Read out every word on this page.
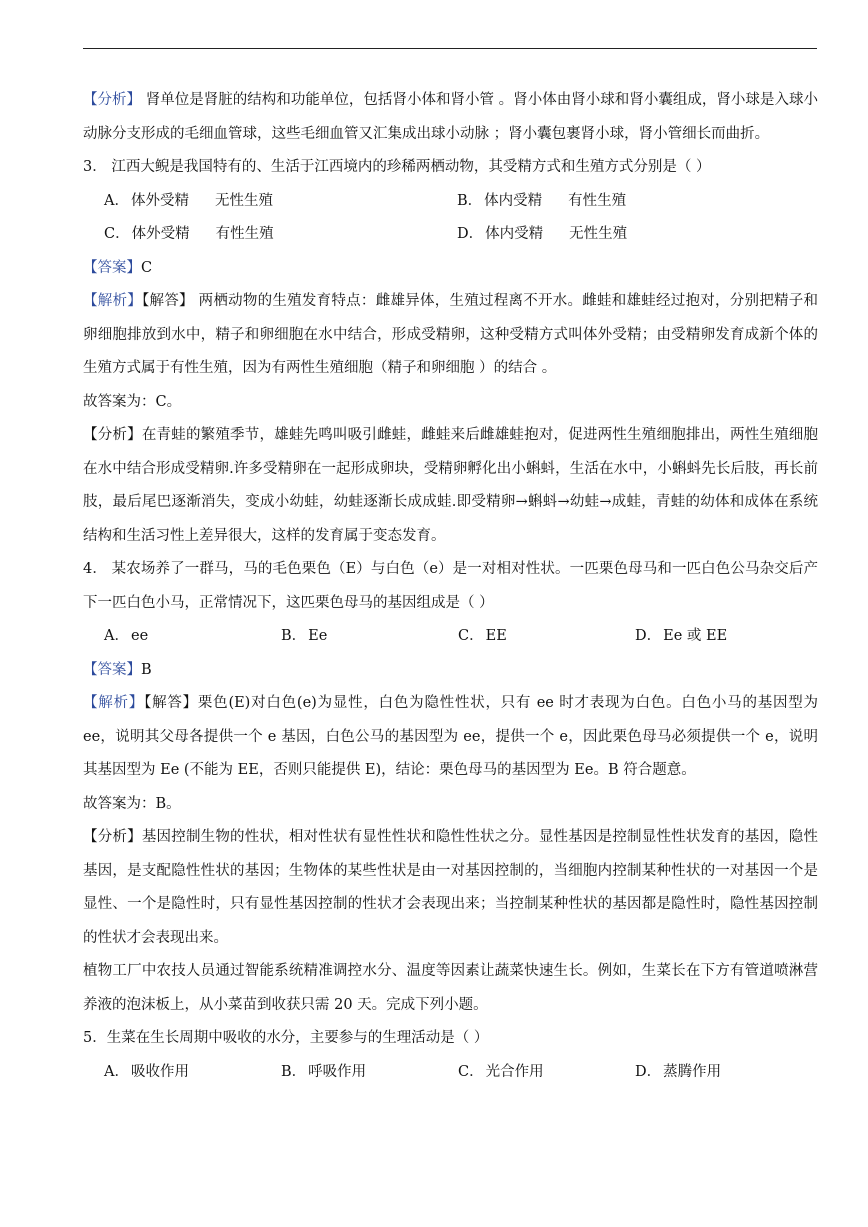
【分析】 肾单位是肾脏的结构和功能单位，包括肾小体和肾小管 。肾小体由肾小球和肾小囊组成，肾小球是入球小动脉分支形成的毛细血管球，这些毛细血管又汇集成出球小动脉 ；肾小囊包裹肾小球，肾小管细长而曲折。

3． 江西大鲵是我国特有的、生活于江西境内的珍稀两栖动物，其受精方式和生殖方式分别是（ ）

A． 体外受精 无性生殖	B． 体内受精 有性生殖
C． 体外受精 有性生殖	D． 体内受精 无性生殖

【答案】C

【解析】【解答】 两栖动物的生殖发育特点：雌雄异体，生殖过程离不开水。雌蛙和雄蛙经过抱对，分别把精子和卵细胞排放到水中，精子和卵细胞在水中结合，形成受精卵，这种受精方式叫体外受精；由受精卵发育成新个体的生殖方式属于有性生殖，因为有两性生殖细胞（精子和卵细胞 ）的结合 。

故答案为：C。

【分析】在青蛙的繁殖季节，雄蛙先鸣叫吸引雌蛙，雌蛙来后雌雄蛙抱对，促进两性生殖细胞排出，两性生殖细胞在水中结合形成受精卵.许多受精卵在一起形成卵块，受精卵孵化出小蝌蚪，生活在水中，小蝌蚪先长后肢，再长前肢，最后尾巴逐渐消失，变成小幼蛙，幼蛙逐渐长成成蛙.即受精卵→蝌蚪→幼蛙→成蛙，青蛙的幼体和成体在系统结构和生活习性上差异很大，这样的发育属于变态发育。

4． 某农场养了一群马，马的毛色栗色（E）与白色（e）是一对相对性状。一匹栗色母马和一匹白色公马杂交后产下一匹白色小马，正常情况下，这匹栗色母马的基因组成是（ ）

A． ee	B． Ee	C． EE	D． Ee 或 EE

【答案】B

【解析】【解答】栗色(E)对白色(e)为显性，白色为隐性性状，只有 ee 时才表现为白色。白色小马的基因型为 ee，说明其父母各提供一个 e 基因，白色公马的基因型为 ee，提供一个 e，因此栗色母马必须提供一个 e，说明其基因型为 Ee (不能为 EE，否则只能提供 E)，结论：栗色母马的基因型为 Ee。B 符合题意。

故答案为：B。

【分析】基因控制生物的性状，相对性状有显性性状和隐性性状之分。显性基因是控制显性性状发育的基因，隐性基因，是支配隐性性状的基因；生物体的某些性状是由一对基因控制的，当细胞内控制某种性状的一对基因一个是显性、一个是隐性时，只有显性基因控制的性状才会表现出来；当控制某种性状的基因都是隐性时，隐性基因控制的性状才会表现出来。

植物工厂中农技人员通过智能系统精准调控水分、温度等因素让蔬菜快速生长。例如，生菜长在下方有管道喷淋营养液的泡沫板上，从小菜苗到收获只需 20 天。完成下列小题。

5．生菜在生长周期中吸收的水分，主要参与的生理活动是（ ）

A． 吸收作用	B． 呼吸作用	C． 光合作用	D． 蒸腾作用
